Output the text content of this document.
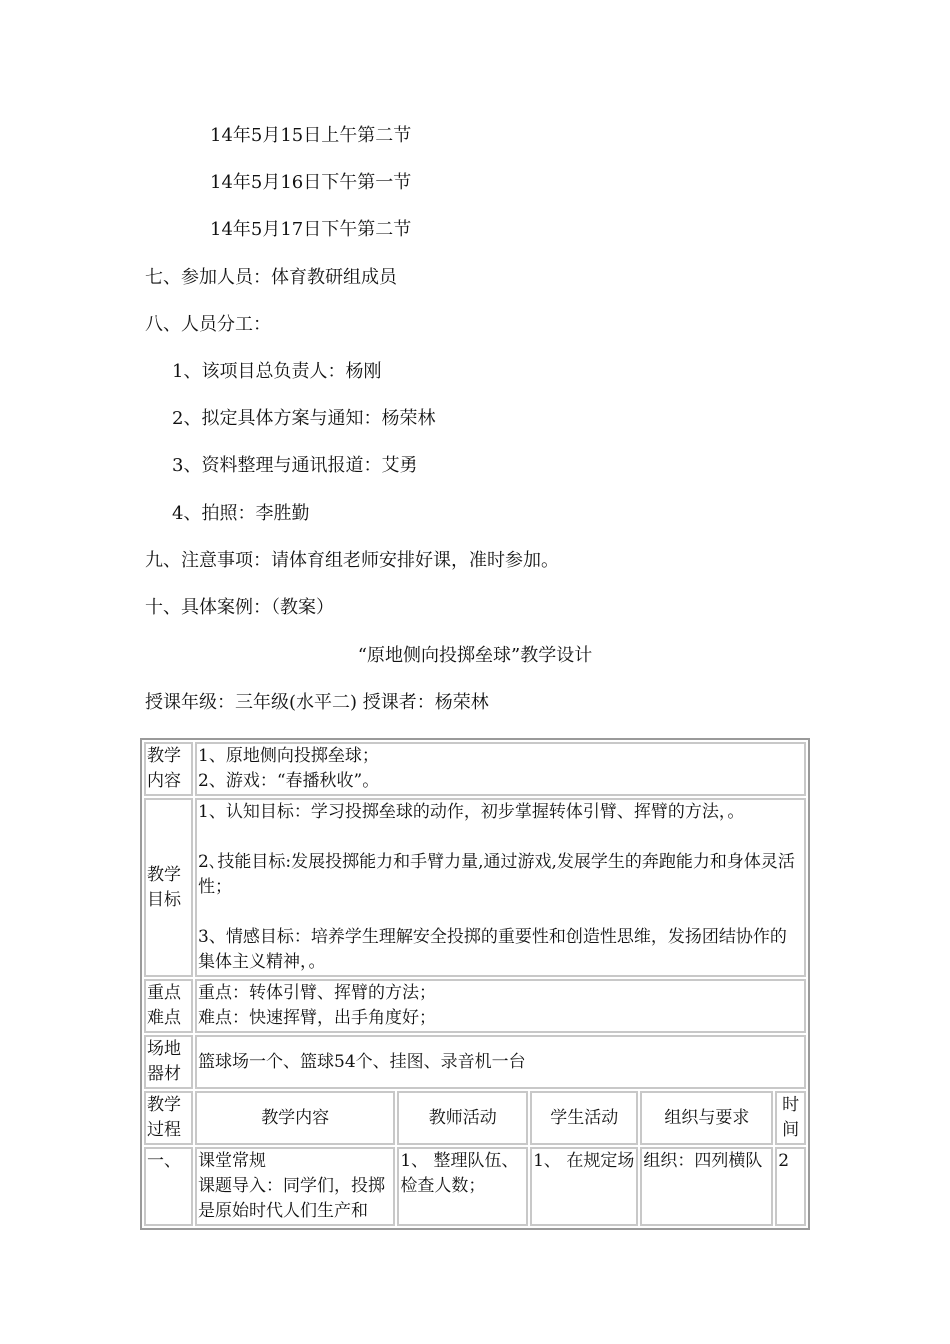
14年5月15日上午第二节
14年5月16日下午第一节
14年5月17日下午第二节
七、参加人员：体育教研组成员
八、人员分工：
1、该项目总负责人：杨刚
2、拟定具体方案与通知：杨荣林
3、资料整理与通讯报道：艾勇
4、拍照：李胜勤
九、注意事项：请体育组老师安排好课，准时参加。
十、具体案例：（教案）
“原地侧向投掷垒球”教学设计
授课年级：三年级(水平二) 授课者：杨荣林
教学
内容	1、原地侧向投掷垒球；
2、游戏：“春播秋收”。				

教学
目标	1、认知目标：学习投掷垒球的动作，初步掌握转体引臂、挥臂的方法，。
2､技能目标:发展投掷能力和手臂力量,通过游戏,发展学生的奔跑能力和身体灵活性；
3、情感目标：培养学生理解安全投掷的重要性和创造性思维，发扬团结协作的集体主义精神，。				

重点
难点	重点：转体引臂、挥臂的方法；
难点：快速挥臂，出手角度好；				

场地
器材	篮球场一个、篮球54个、挂图、录音机一台				

教学
过程	教学内容	教师活动	学生活动	组织与要求	时间
一、	课堂常规
课题导入：同学们，投掷是原始时代人们生产和	1、 整理队伍、检查人数；	1、 在规定场	组织：四列横队	2
